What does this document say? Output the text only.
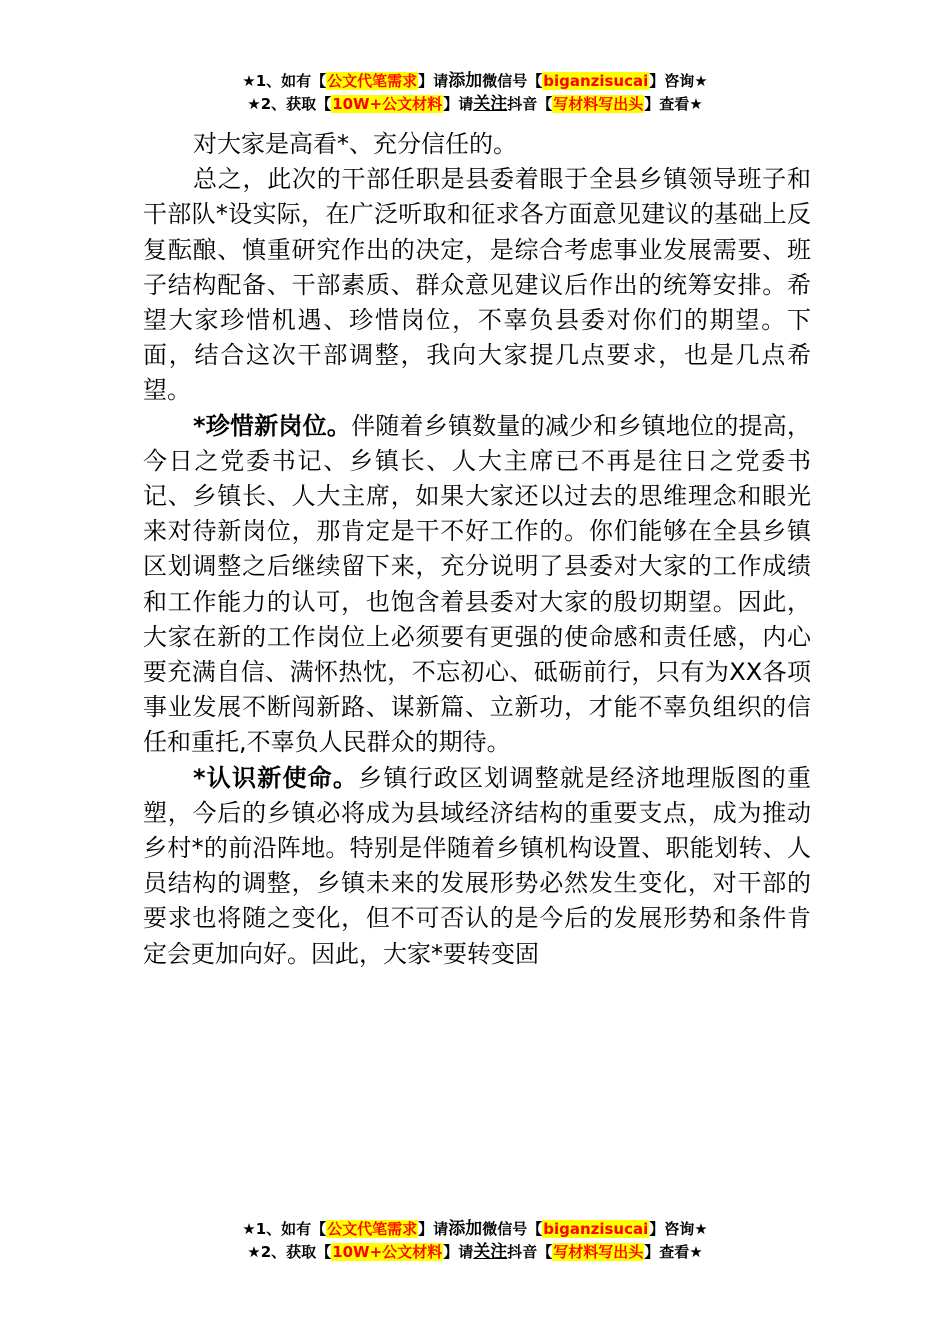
★1、如有【公文代笔需求】请添加微信号【biganzisucai】咨询★
★2、获取【10W+公文材料】请关注抖音【写材料写出头】查看★

对大家是高看*、充分信任的。

总之，此次的干部任职是县委着眼于全县乡镇领导班子和干部队*设实际，在广泛听取和征求各方面意见建议的基础上反复酝酿、慎重研究作出的决定，是综合考虑事业发展需要、班子结构配备、干部素质、群众意见建议后作出的统筹安排。希望大家珍惜机遇、珍惜岗位，不辜负县委对你们的期望。下面，结合这次干部调整，我向大家提几点要求，也是几点希望。

*珍惜新岗位。伴随着乡镇数量的减少和乡镇地位的提高，今日之党委书记、乡镇长、人大主席已不再是往日之党委书记、乡镇长、人大主席，如果大家还以过去的思维理念和眼光来对待新岗位，那肯定是干不好工作的。你们能够在全县乡镇区划调整之后继续留下来，充分说明了县委对大家的工作成绩和工作能力的认可，也饱含着县委对大家的殷切期望。因此，大家在新的工作岗位上必须要有更强的使命感和责任感，内心要充满自信、满怀热忱，不忘初心、砥砺前行，只有为XX各项事业发展不断闯新路、谋新篇、立新功，才能不辜负组织的信任和重托,不辜负人民群众的期待。

*认识新使命。乡镇行政区划调整就是经济地理版图的重塑，今后的乡镇必将成为县域经济结构的重要支点，成为推动乡村*的前沿阵地。特别是伴随着乡镇机构设置、职能划转、人员结构的调整，乡镇未来的发展形势必然发生变化，对干部的要求也将随之变化，但不可否认的是今后的发展形势和条件肯定会更加向好。因此，大家*要转变固

★1、如有【公文代笔需求】请添加微信号【biganzisucai】咨询★
★2、获取【10W+公文材料】请关注抖音【写材料写出头】查看★
